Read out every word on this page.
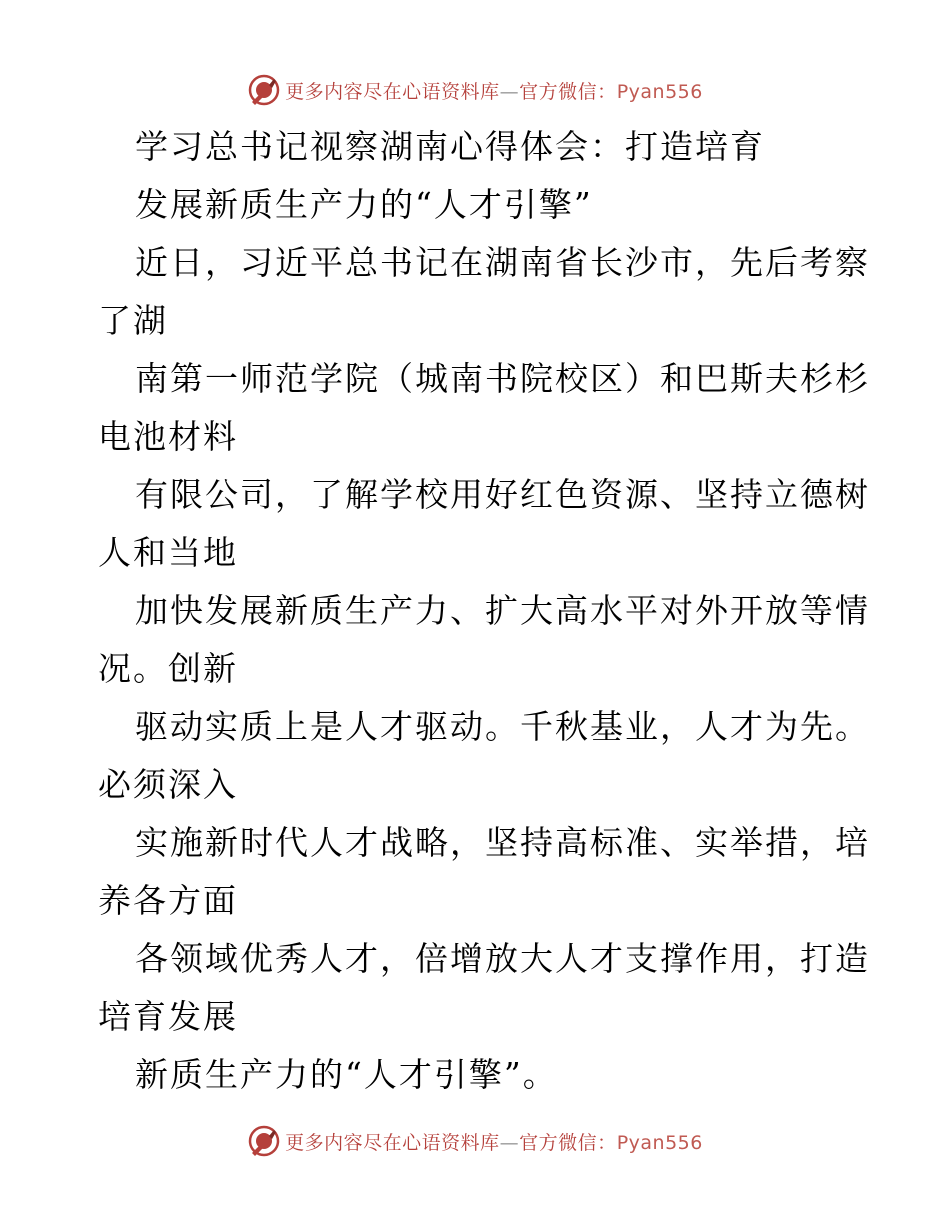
更多内容尽在心语资料库—官方微信：Pyan556
学习总书记视察湖南心得体会：打造培育
发展新质生产力的“人才引擎”
近日，习近平总书记在湖南省长沙市，先后考察
了湖
南第一师范学院（城南书院校区）和巴斯夫杉杉
电池材料
有限公司，了解学校用好红色资源、坚持立德树
人和当地
加快发展新质生产力、扩大高水平对外开放等情
况。创新
驱动实质上是人才驱动。千秋基业，人才为先。
必须深入
实施新时代人才战略，坚持高标准、实举措，培
养各方面
各领域优秀人才，倍增放大人才支撑作用，打造
培育发展
新质生产力的“人才引擎”。
更多内容尽在心语资料库—官方微信：Pyan556
